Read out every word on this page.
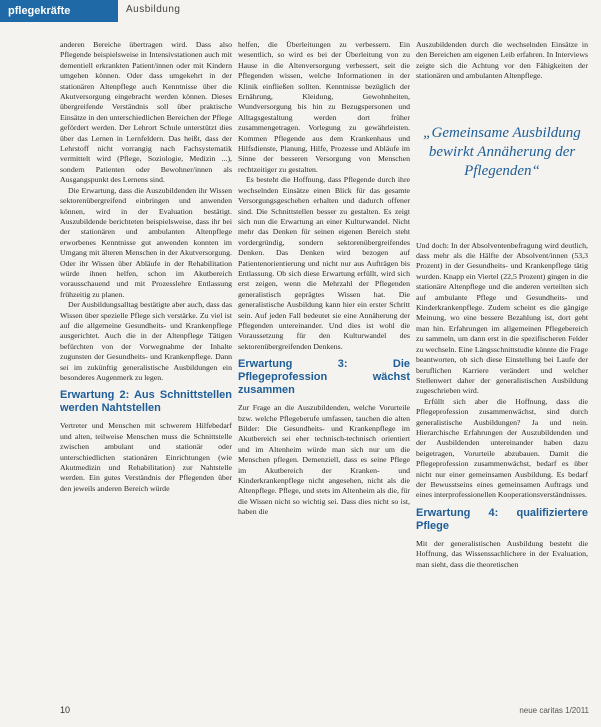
pflegekräfte	Ausbildung

anderen Bereiche übertragen wird. Dass also Pflegende beispielsweise in Intensivstationen auch mit dementiell erkrankten Patient/innen oder mit Kindern umgehen können. Oder dass umgekehrt in der stationären Altenpflege auch Kenntnisse über die Akutversorgung eingebracht werden können. Dieses übergreifende Verständnis soll über praktische Einsätze in den unterschiedlichen Bereichen der Pflege gefördert werden. Der Lehrort Schule unterstützt dies über das Lernen in Lernfeldern. Das heißt, dass der Lehrstoff nicht vorrangig nach Fachsystematik vermittelt wird (Pflege, Soziologie, Medizin ...), sondern Patienten oder Bewohner/innen als Ausgangspunkt des Lernens sind.

Die Erwartung, dass die Auszubildenden ihr Wissen sektorenübergreifend einbringen und anwenden können, wird in der Evaluation bestätigt. Auszubildende berichteten beispielsweise, dass ihr bei der stationären und ambulanten Altenpflege erworbenes Kenntnisse gut anwenden konnten im Umgang mit älteren Menschen in der Akutversorgung. Oder ihr Wissen über Abläufe in der Rehabilitation würde ihnen helfen, schon im Akutbereich vorausschauend und mit Prozesslehre Entlassung frühzeitig zu planen.

Der Ausbildungsalltag bestätigte aber auch, dass das Wissen über spezielle Pflege sich verstärke. Zu viel ist auf die allgemeine Gesundheits- und Krankenpflege ausgerichtet. Auch die in der Altenpflege Tätigen befürchten von der Vorwegnahme der Inhalte zugunsten der Gesundheits- und Krankenpflege. Dann sei im zukünftig generalistische Ausbildungen ein besonderes Augenmerk zu legen.

Erwartung 2: Aus Schnittstellen werden Nahtstellen

Vertreter und Menschen mit schwerem Hilfebedarf und alten, teilweise Menschen muss die Schnittstelle zwischen ambulant und stationär oder unterschiedlichen stationären Einrichtungen (wie Akutmedizin und Rehabilitation) zur Nahtstelle werden. Ein gutes Verständnis der Pflegenden über den jeweils anderen Bereich würde

helfen, die Überleitungen zu verbessern. Ein wesentlich, so wird es bei der Überleitung von zu Hause in die Altenversorgung verbessert, seit die Pflegenden wissen, welche Informationen in der Klinik einfließen sollten. Kenntnisse bezüglich der Ernährung, Kleidung, Gewohnheiten, Wundversorgung bis hin zu Bezugspersonen und Alltagsgestaltung werden dort früher zusammengetragen. Vorlegung zu gewährleisten. Kommen Pflegende aus dem Krankenhaus und Hilfsdienste, Planung, Hilfe, Prozesse und Abläufe im Sinne der besseren Versorgung von Menschen rechtzeitiger zu gestalten.

Es besteht die Hoffnung, dass Pflegende durch ihre wechselnden Einsätze einen Blick für das gesamte Versorgungsgeschehen erhalten und dadurch offener sind. Die Schnittstellen besser zu gestalten. Es zeigt sich nun die Erwartung an einer Kulturwandel. Nicht mehr das Denken für seinen eigenen Bereich steht vordergründig, sondern sektorenübergreifendes Denken. Das Denken wird bezogen auf Patientenorientierung und nicht nur aus Aufträgen bis Entlassung. Ob sich diese Erwartung erfüllt, wird sich erst zeigen, wenn die Mehrzahl der Pflegenden generalistisch geprägtes Wissen hat. Die generalistische Ausbildung kann hier ein erster Schritt sein. Auf jeden Fall bedeutet sie eine Annäherung der Pflegenden untereinander. Und dies ist wohl die Voraussetzung für den Kulturwandel des sektorenübergreifenden Denkens.

Erwartung 3: Die Pflegeprofession wächst zusammen

Zur Frage an die Auszubildenden, welche Vorurteile bzw. welche Pflegeberufe umfassen, tauchen die alten Bilder: Die Gesundheits- und Krankenpflege im Akutbereich sei eher technisch-technisch orientiert und im Altenheim würde man sich nur um die Menschen pflegen. Demenziell, dass es seine Pflege im Akutbereich der Kranken- und Kinderkrankenpflege nicht angesehen, nicht als die Altenpflege. Pflege, und stets im Altenheim als die, für die Wissen nicht so wichtig sei. Dass dies nicht so ist, haben die

Auszubildenden durch die wechselnden Einsätze in den Bereichen am eigenen Leib erfahren. In Interviews zeigte sich die Achtung vor den Fähigkeiten der stationären und ambulanten Altenpflege.

„Gemeinsame Ausbildung bewirkt Annäherung der Pflegenden“

Und doch: In der Absolventenbefragung wird deutlich, dass mehr als die Hälfte der Absolvent/innen (53,3 Prozent) in der Gesundheits- und Krankenpflege tätig wurden. Knapp ein Viertel (22,5 Prozent) gingen in die stationäre Altenpflege und die anderen verteilten sich auf ambulante Pflege und Gesundheits- und Kinderkrankenpflege. Zudem scheint es die gängige Meinung, wo eine bessere Bezahlung ist, dort geht man hin. Erfahrungen im allgemeinen Pflegebereich zu sammeln, um dann erst in die spezifischeren Felder zu wechseln. Eine Längsschnittstudie könnte die Frage beantworten, ob sich diese Einstellung bei Laufe der beruflichen Karriere verändert und welcher Stellenwert daher der generalistischen Ausbildung zugeschrieben wird.

Erfüllt sich aber die Hoffnung, dass die Pflegeprofession zusammenwächst, sind durch generalistische Ausbildungen? Ja und nein. Hierarchische Erfahrungen der Auszubildenden und der Ausbildenden untereinander haben dazu beigetragen, Vorurteile abzubauen. Damit die Pflegeprofession zusammenwächst, bedarf es über nicht nur einer gemeinsamen Ausbildung. Es bedarf der Bewusstseins eines gemeinsamen Auftrags und eines interprofessionellen Kooperationsverständnisses.

Erwartung 4: qualifiziertere Pflege

Mit der generalistischen Ausbildung besteht die Hoffnung, das Wissenssachlichere in der Evaluation, man sieht, dass die theoretischen

10	neue caritas 1/2011
